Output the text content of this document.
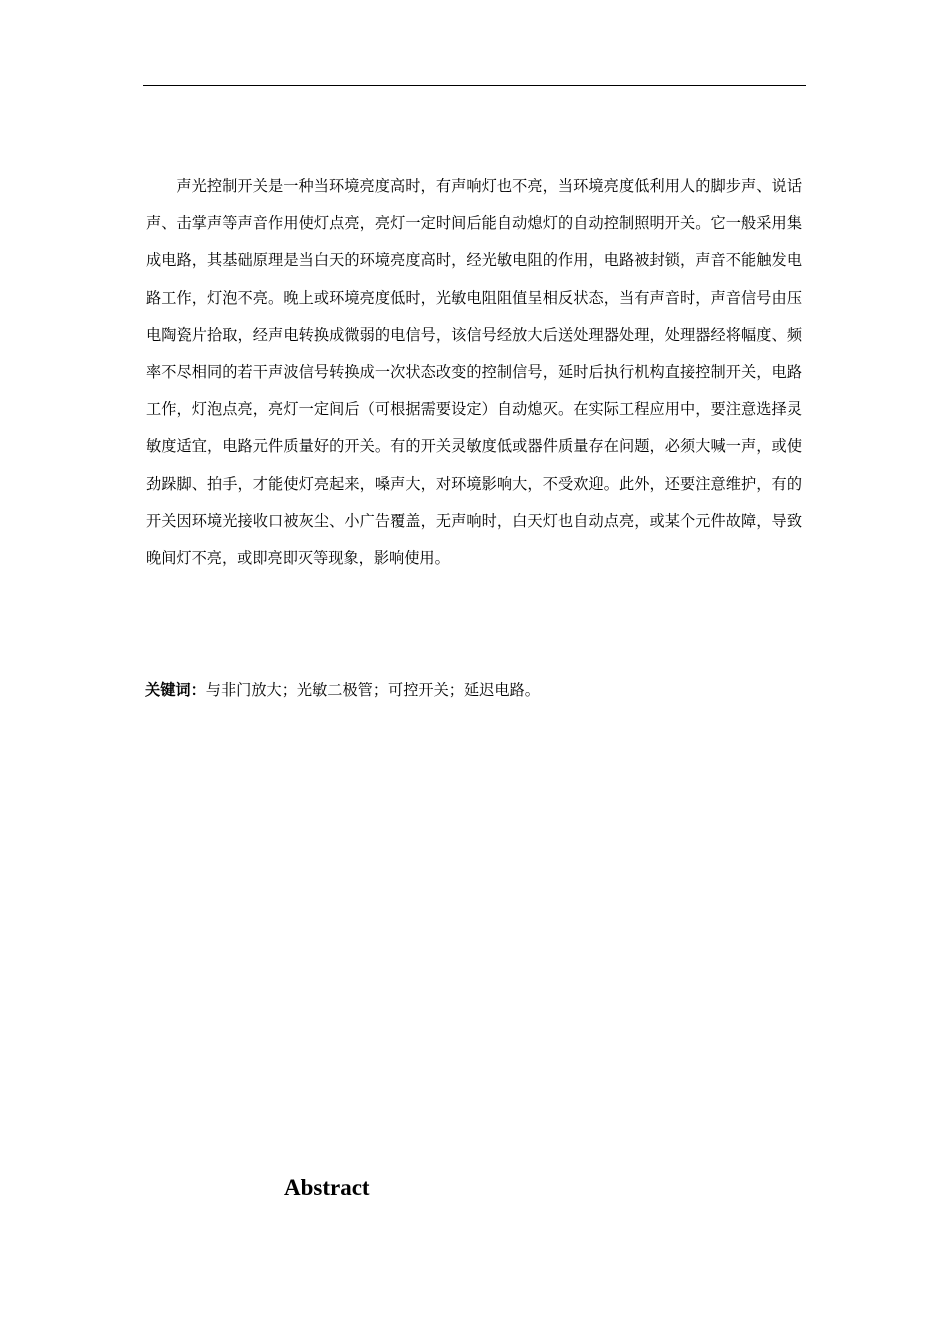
声光控制开关是一种当环境亮度高时，有声响灯也不亮，当环境亮度低利用人的脚步声、说话声、击掌声等声音作用使灯点亮，亮灯一定时间后能自动熄灯的自动控制照明开关。它一般采用集成电路，其基础原理是当白天的环境亮度高时，经光敏电阻的作用，电路被封锁，声音不能触发电路工作，灯泡不亮。晚上或环境亮度低时，光敏电阻阻值呈相反状态，当有声音时，声音信号由压电陶瓷片拾取，经声电转换成微弱的电信号，该信号经放大后送处理器处理，处理器经将幅度、频率不尽相同的若干声波信号转换成一次状态改变的控制信号，延时后执行机构直接控制开关，电路工作，灯泡点亮，亮灯一定间后（可根据需要设定）自动熄灭。在实际工程应用中，要注意选择灵敏度适宜，电路元件质量好的开关。有的开关灵敏度低或器件质量存在问题，必须大喊一声，或使劲跺脚、拍手，才能使灯亮起来，嗓声大，对环境影响大，不受欢迎。此外，还要注意维护，有的开关因环境光接收口被灰尘、小广告覆盖，无声响时，白天灯也自动点亮，或某个元件故障，导致晚间灯不亮，或即亮即灭等现象，影响使用。

关键词：与非门放大；光敏二极管；可控开关；延迟电路。
Abstract
